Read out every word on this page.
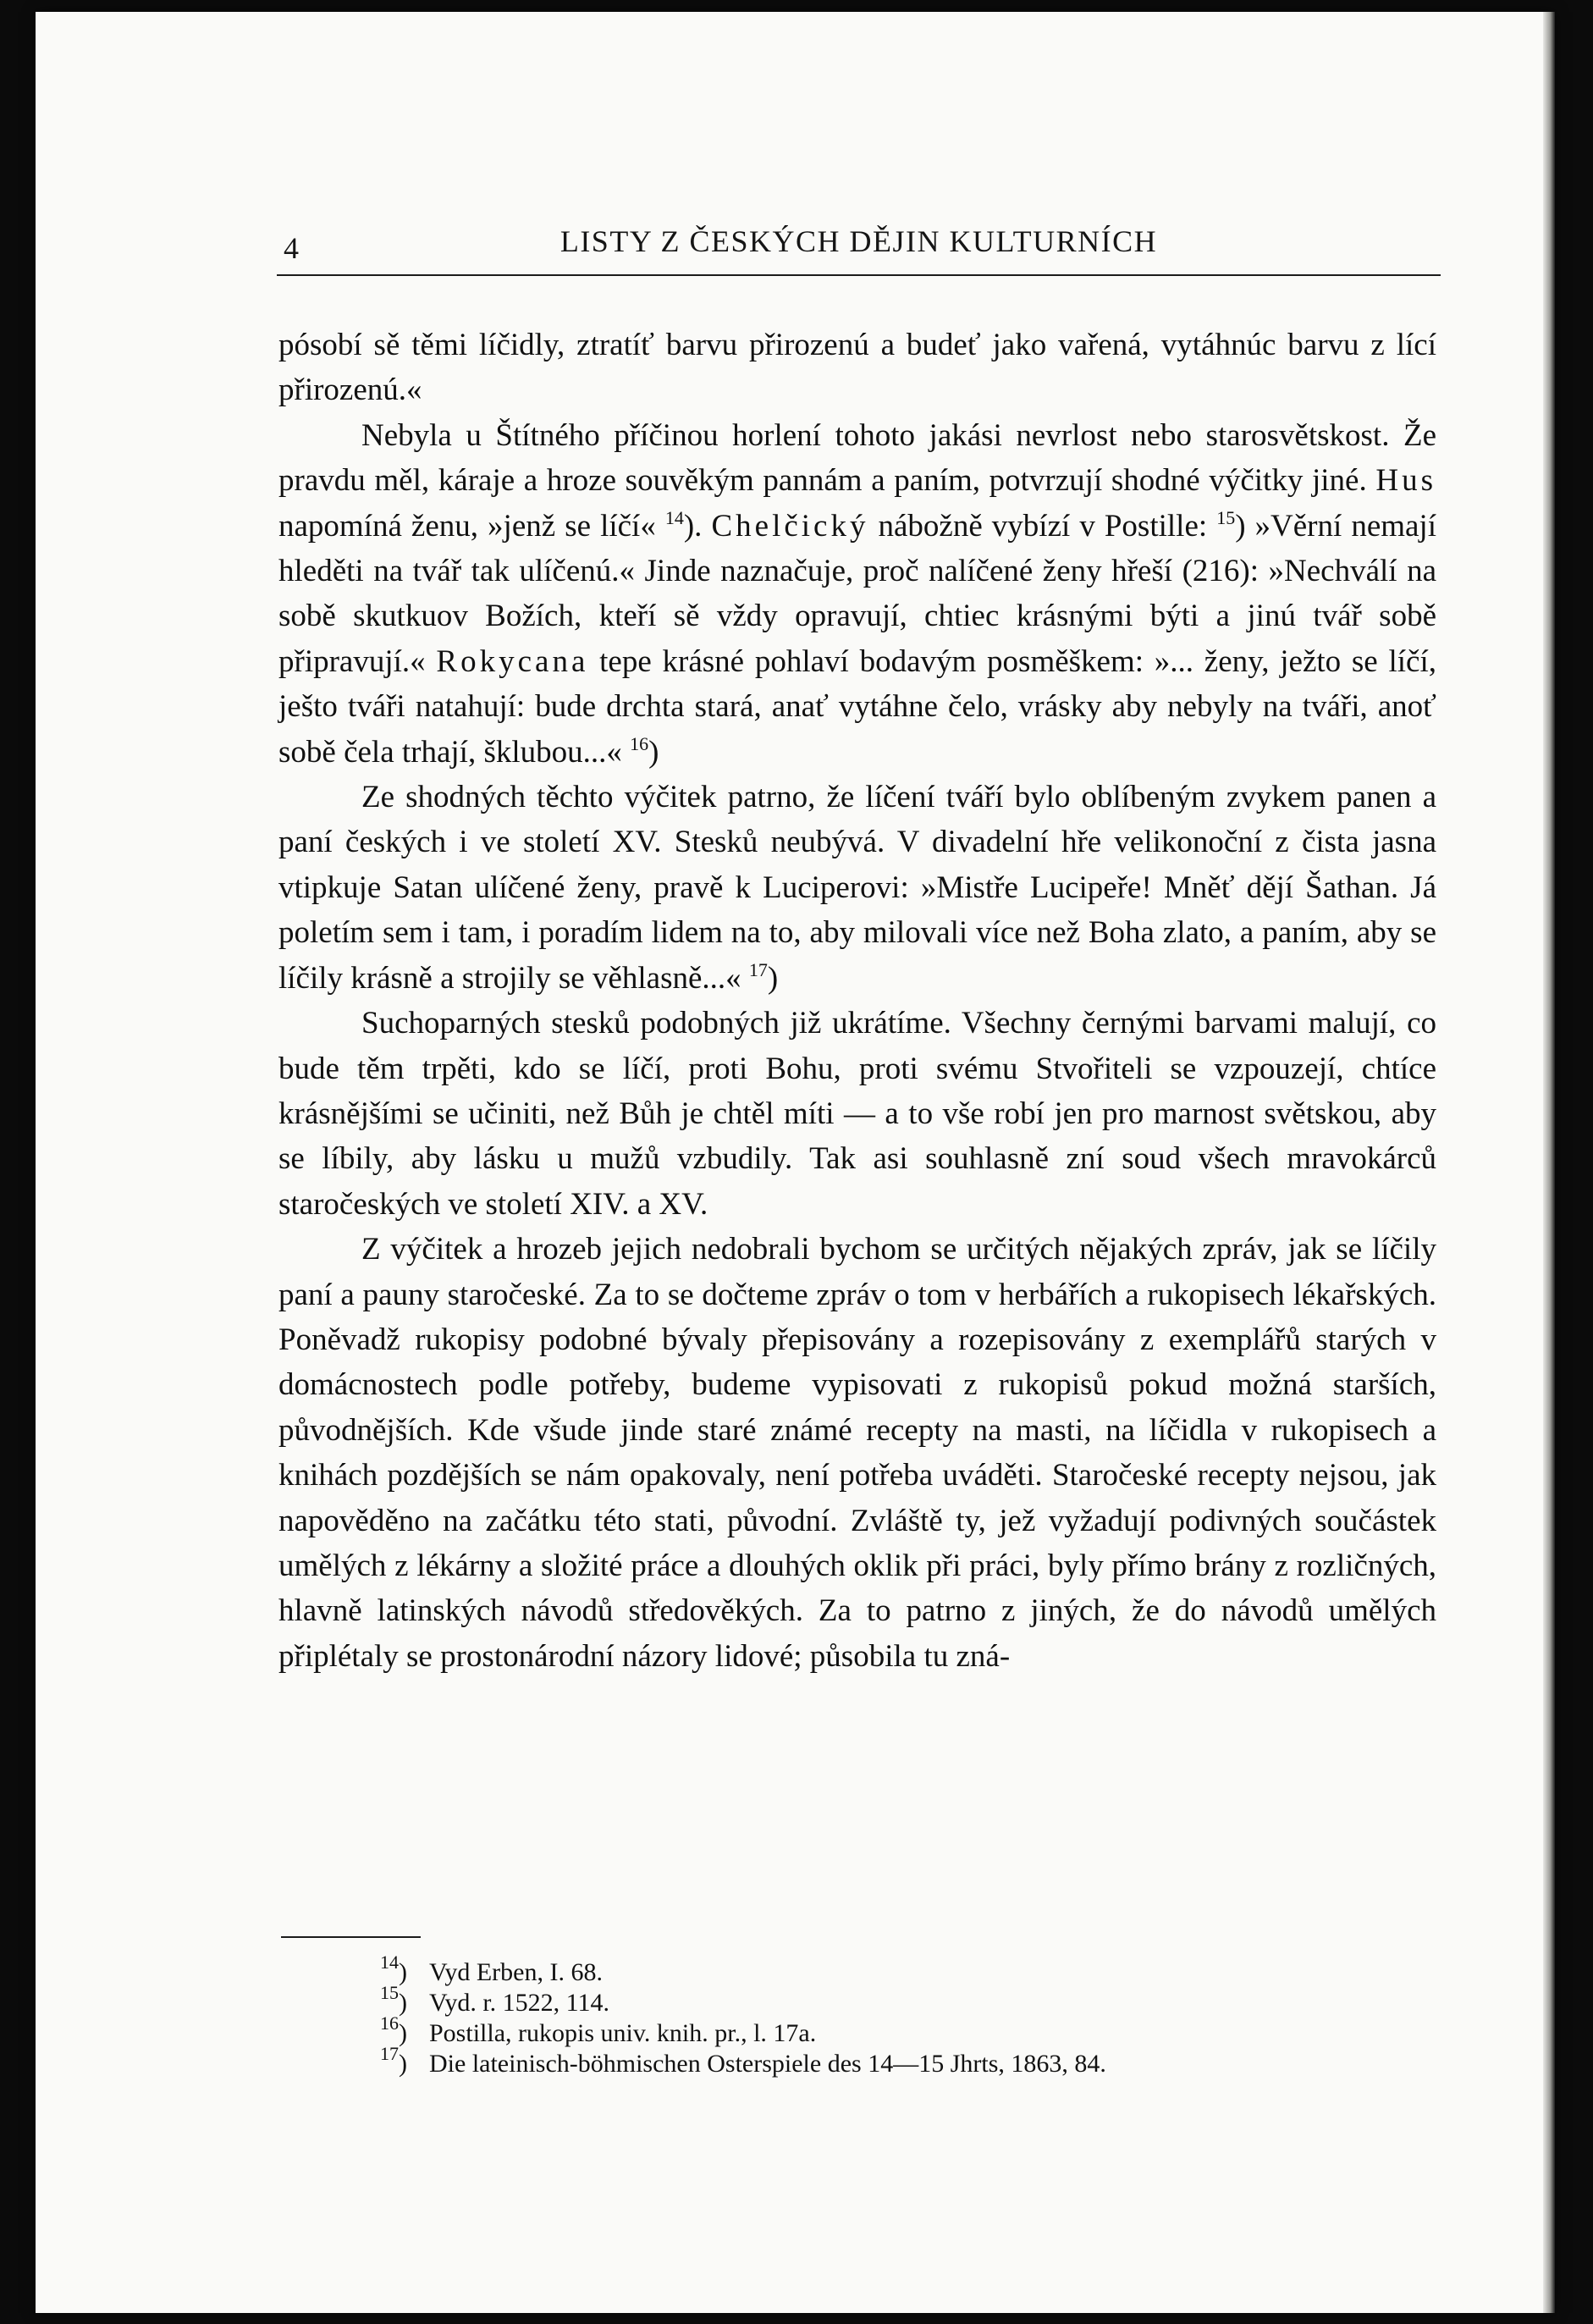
4	LISTY Z ČESKÝCH DĚJIN KULTURNÍCH

pósobí sě těmi líčidly, ztratíť barvu přirozenú a budeť jako vařená, vytáhnúc barvu z lící přirozenú.«

Nebyla u Štítného příčinou horlení tohoto jakási nevrlost nebo starosvětskost. Že pravdu měl, káraje a hroze souvěkým pannám a paním, potvrzují shodné výčitky jiné. Hus napomíná ženu, »jenž se líčí« $^{14}$). Chelčický nábožně vybízí v Postille: $^{15}$) »Věrní nemají hleděti na tvář tak ulíčenú.« Jinde naznačuje, proč nalíčené ženy hřeší (216): »Nechválí na sobě skutkuov Božích, kteří sě vždy opravují, chtiec krásnými býti a jinú tvář sobě připravují.« Rokycana tepe krásné pohlaví bodavým posměškem: »... ženy, ježto se líčí, ješto tváři natahují: bude drchta stará, anať vytáhne čelo, vrásky aby nebyly na tváři, anoť sobě čela trhají, šklubou...« $^{16}$)

Ze shodných těchto výčitek patrno, že líčení tváří bylo oblíbeným zvykem panen a paní českých i ve století XV. Stesků neubývá. V divadelní hře velikonoční z čista jasna vtipkuje Satan ulíčené ženy, pravě k Luciperovi: »Mistře Lucipeře! Mněť dějí Šathan. Já poletím sem i tam, i poradím lidem na to, aby milovali více než Boha zlato, a paním, aby se líčily krásně a strojily se věhlasně...« $^{17}$)

Suchoparných stesků podobných již ukrátíme. Všechny černými barvami malují, co bude těm trpěti, kdo se líčí, proti Bohu, proti svému Stvořiteli se vzpouzejí, chtíce krásnějšími se učiniti, než Bůh je chtěl míti — a to vše robí jen pro marnost světskou, aby se líbily, aby lásku u mužů vzbudily. Tak asi souhlasně zní soud všech mravokárců staročeských ve století XIV. a XV.

Z výčitek a hrozeb jejich nedobrali bychom se určitých nějakých zpráv, jak se líčily paní a pauny staročeské. Za to se dočteme zpráv o tom v herbářích a rukopisech lékařských. Poněvadž rukopisy podobné bývaly přepisovány a rozepisovány z exemplářů starých v domácnostech podle potřeby, budeme vypisovati z rukopisů pokud možná starších, původnějších. Kde všude jinde staré známé recepty na masti, na líčidla v rukopisech a knihách pozdějších se nám opakovaly, není potřeba uváděti. Staročeské recepty nejsou, jak napověděno na začátku této stati, původní. Zvláště ty, jež vyžadují podivných součástek umělých z lékárny a složité práce a dlouhých oklik při práci, byly přímo brány z rozličných, hlavně latinských návodů středověkých. Za to patrno z jiných, že do návodů umělých připlétaly se prostonárodní názory lidové; působila tu zná-

$^{14}$) Vyd Erben, I. 68.

$^{15}$) Vyd. r. 1522, 114.

$^{16}$) Postilla, rukopis univ. knih. pr., l. 17a.

$^{17}$) Die lateinisch-böhmischen Osterspiele des 14—15 Jhrts, 1863, 84.
